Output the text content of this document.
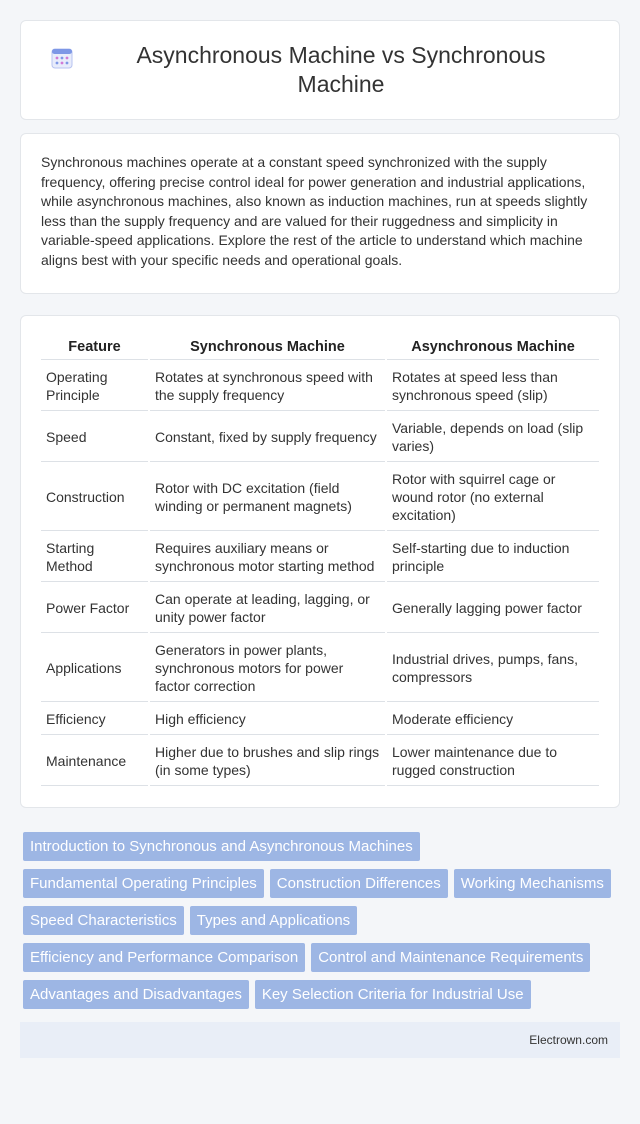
Asynchronous Machine vs Synchronous Machine

Synchronous machines operate at a constant speed synchronized with the supply frequency, offering precise control ideal for power generation and industrial applications, while asynchronous machines, also known as induction machines, run at speeds slightly less than the supply frequency and are valued for their ruggedness and simplicity in variable-speed applications. Explore the rest of the article to understand which machine aligns best with your specific needs and operational goals.

Feature	Synchronous Machine	Asynchronous Machine
Operating Principle	Rotates at synchronous speed with the supply frequency	Rotates at speed less than synchronous speed (slip)
Speed	Constant, fixed by supply frequency	Variable, depends on load (slip varies)
Construction	Rotor with DC excitation (field winding or permanent magnets)	Rotor with squirrel cage or wound rotor (no external excitation)
Starting Method	Requires auxiliary means or synchronous motor starting method	Self-starting due to induction principle
Power Factor	Can operate at leading, lagging, or unity power factor	Generally lagging power factor
Applications	Generators in power plants, synchronous motors for power factor correction	Industrial drives, pumps, fans, compressors
Efficiency	High efficiency	Moderate efficiency
Maintenance	Higher due to brushes and slip rings (in some types)	Lower maintenance due to rugged construction
Introduction to Synchronous and Asynchronous Machines
Fundamental Operating Principles	Construction Differences	Working Mechanisms
Speed Characteristics	Types and Applications
Efficiency and Performance Comparison	Control and Maintenance Requirements
Advantages and Disadvantages	Key Selection Criteria for Industrial Use
Electrown.com
